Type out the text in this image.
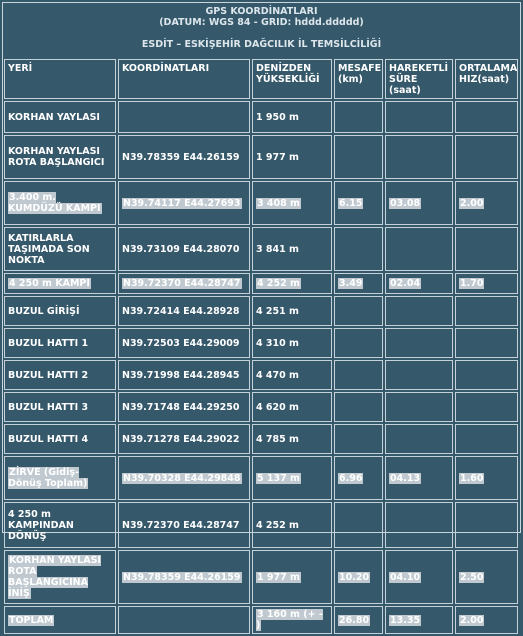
GPS KOORDİNATLARI
(DATUM: WGS 84 - GRID: hddd.ddddd)
ESDİT – ESKİŞEHİR DAĞCILIK İL TEMSİLCİLİĞİ
YERİ	KOORDİNATLARI	DENİZDEN YÜKSEKLİĞİ	MESAFE (km)	HAREKETLİ SÜRE (saat)	ORTALAMA HIZ(saat)
KORHAN YAYLASI		1 950 m			
KORHAN YAYLASI ROTA BAŞLANGICI	N39.78359 E44.26159	1 977 m			
3.400 m. KUMDÜZÜ KAMPI	N39.74117 E44.27693	3 408 m	6.15	03.08	2.00
KATIRLARLA TAŞIMADA SON NOKTA	N39.73109 E44.28070	3 841 m			
4 250 m KAMPI	N39.72370 E44.28747	4 252 m	3.49	02.04	1.70
BUZUL GİRİŞİ	N39.72414 E44.28928	4 251 m			
BUZUL HATTI 1	N39.72503 E44.29009	4 310 m			
BUZUL HATTI 2	N39.71998 E44.28945	4 470 m			
BUZUL HATTI 3	N39.71748 E44.29250	4 620 m			
BUZUL HATTI 4	N39.71278 E44.29022	4 785 m			
ZİRVE (Gidiş-Dönüş Toplam)	N39.70328 E44.29848	5 137 m	6.96	04.13	1.60
4 250 m KAMPINDAN DÖNÜŞ	N39.72370 E44.28747	4 252 m			
KORHAN YAYLASI ROTA BAŞLANGICINA İNİŞ	N39.78359 E44.26159	1 977 m	10.20	04.10	2.50
TOPLAM		3 160 m (+ - )	26.80	13.35	2.00
